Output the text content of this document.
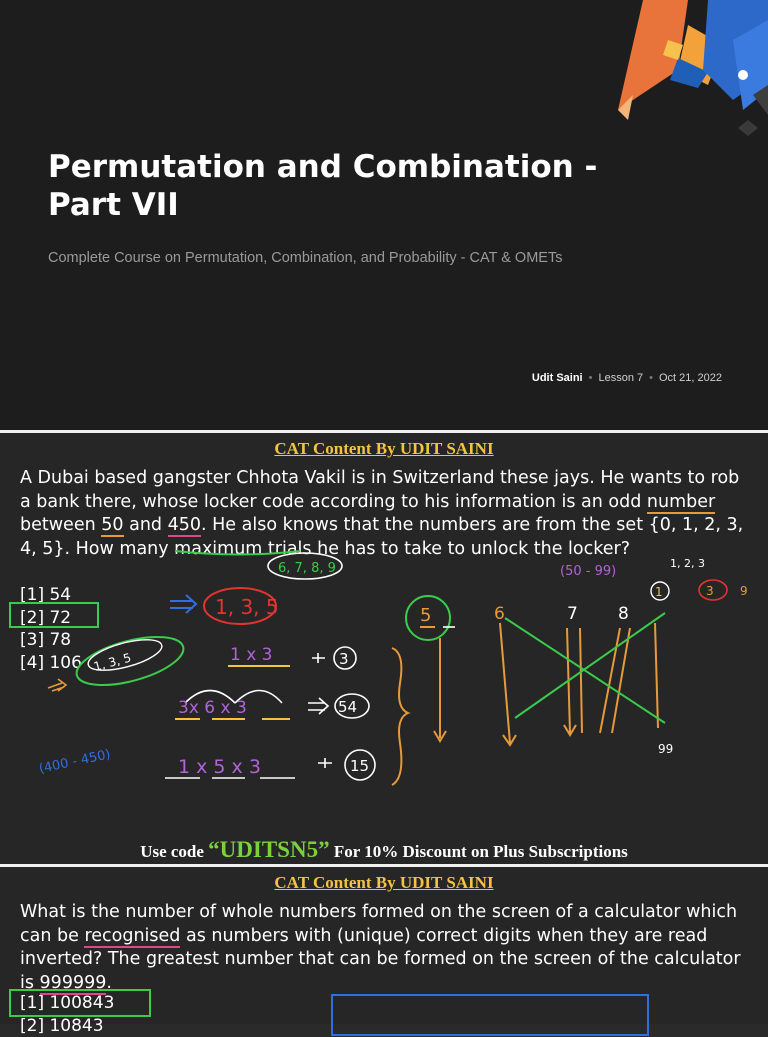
Permutation and Combination - Part VII
Complete Course on Permutation, Combination, and Probability - CAT & OMETs
Udit Saini • Lesson 7 • Oct 21, 2022
CAT Content By UDIT SAINI
A Dubai based gangster Chhota Vakil is in Switzerland these jays. He wants to rob a bank there, whose locker code according to his information is an odd number between 50 and 450. He also knows that the numbers are from the set {0, 1, 2, 3, 4, 5}. How many maximum trials he has to take to unlock the locker?
[1] 54
[2] 72
[3] 78
[4] 106
1, 3, 5
6, 7, 8, 9
1, 3, 5	1 x 3	3
3x 6 x 3	54
1 x 5 x 3	15
(400 - 450)
5	6	7 8
99
(50 - 99)
1, 2, 3
1	3 9
Use code “UDITSN5” For 10% Discount on Plus Subscriptions
CAT Content By UDIT SAINI
What is the number of whole numbers formed on the screen of a calculator which can be recognised as numbers with (unique) correct digits when they are read inverted? The greatest number that can be formed on the screen of the calculator is 999999.
[1] 100843
[2] 10843
